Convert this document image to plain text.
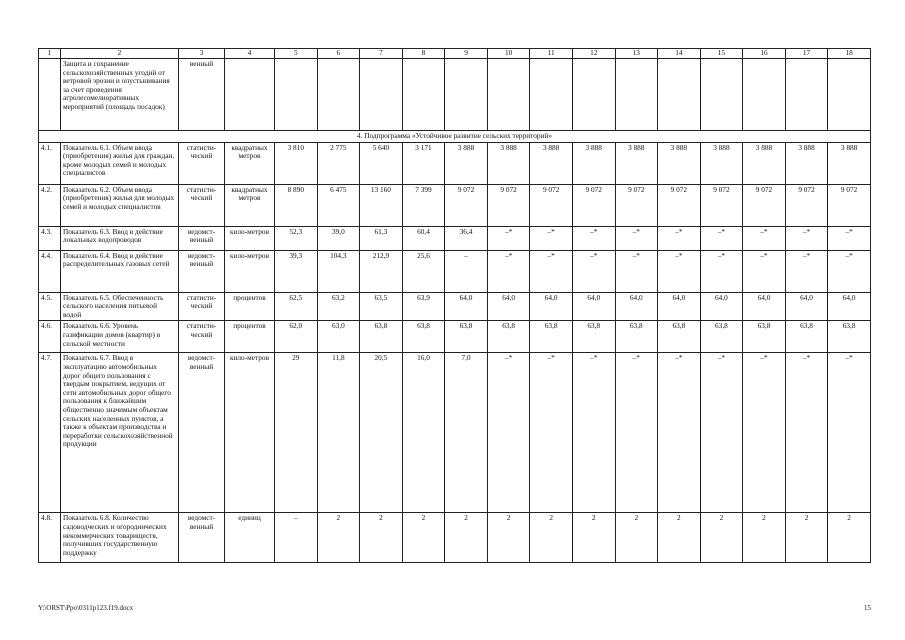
1	2	3	4	5	6	7	8	9	10	11	12	13	14	15	16	17	18
	Защита и сохранение сельскохозяйственных угодий от ветровой эрозии и опустынивания за счет проведения агролесомелиоративных мероприятий (площадь посадок)	венный															
4. Подпрограмма «Устойчивое развитие сельских территорий»																	
4.1.	Показатель 6.1. Объем ввода (приобретения) жилья для граждан, кроме молодых семей и молодых специалистов	статисти-ческий	квадратных метров	3 810	2 775	5 640	3 171	3 888	3 888	3 888	3 888	3 888	3 888	3 888	3 888	3 888	3 888
4.2.	Показатель 6.2. Объем ввода (приобретения) жилья для молодых семей и молодых специалистов	статисти-ческий	квадратных метров	8 890	6 475	13 160	7 399	9 072	9 072	9 072	9 072	9 072	9 072	9 072	9 072	9 072	9 072
4.3.	Показатель 6.3. Ввод в действие локальных водопроводов	ведомст-венный	кило-метров	52,3	39,0	61,3	60,4	36,4	–*	–*	–*	–*	–*	–*	–*	–*	–*
4.4.	Показатель 6.4. Ввод в действие распределительных газовых сетей	ведомст-венный	кило-метров	39,3	104,3	212,9	25,6	–	–*	–*	–*	–*	–*	–*	–*	–*	–*
4.5.	Показатель 6.5. Обеспеченность сельского населения питьевой водой	статисти-ческий	процентов	62,5	63,2	63,5	63,9	64,0	64,0	64,0	64,0	64,0	64,0	64,0	64,0	64,0	64,0
4.6.	Показатель 6.6. Уровень газификации домов (квартир) в сельской местности	статисти-ческий	процентов	62,0	63,0	63,8	63,8	63,8	63,8	63,8	63,8	63,8	63,8	63,8	63,8	63,8	63,8
4.7.	Показатель 6.7. Ввод в эксплуатацию автомобильных дорог общего пользования с твердым покрытием, ведущих от сети автомобильных дорог общего пользования к ближайшим общественно значимым объектам сельских населенных пунктов, а также к объектам производства и переработки сельскохозяйственной продукции	ведомст-венный	кило-метров	29	11,8	20,5	16,0	7,0	–*	–*	–*	–*	–*	–*	–*	–*	–*
4.8.	Показатель 6.8. Количество садоводческих и огороднических некоммерческих товариществ, получивших государственную поддержку	ведомст-венный	единиц	–	2	2	2	2	2	2	2	2	2	2	2	2	2
Y:\ORST\Ppo\0311p123.f19.docx	15
